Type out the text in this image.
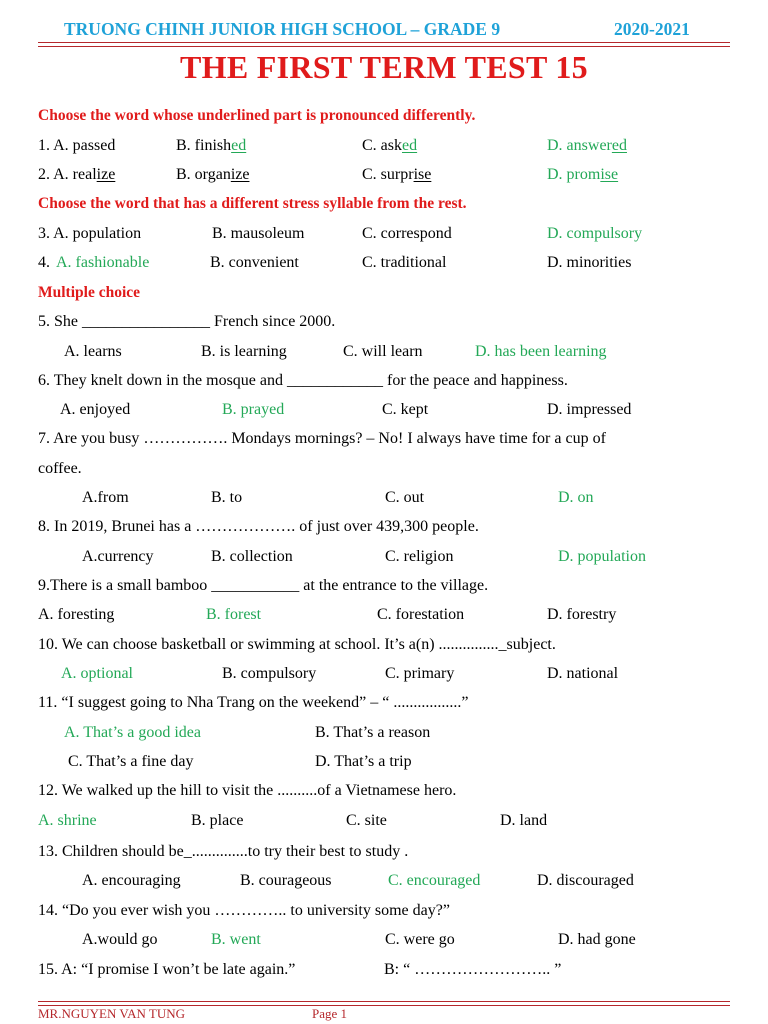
TRUONG CHINH JUNIOR HIGH SCHOOL – GRADE 9	2020-2021
THE FIRST TERM TEST 15
Choose the word whose underlined part is pronounced differently.
1. A. passed	B. finished	C. asked	D. answered
2. A. realize	B. organize	C. surprise	D. promise
Choose the word that has a different stress syllable from the rest.
3. A. population	B. mausoleum	C. correspond	D. compulsory
4. A. fashionable	B. convenient	C. traditional	D. minorities
Multiple choice
5. She ________________ French since 2000.
A. learns	B. is learning	C. will learn	D. has been learning
6. They knelt down in the mosque and ____________ for the peace and happiness.
A. enjoyed	B. prayed	C. kept	D. impressed
7. Are you busy ……………. Mondays mornings? – No! I always have time for a cup of
coffee.
A.from	B. to	C. out	D. on
8. In 2019, Brunei has a ………………. of just over 439,300 people.
A.currency	B. collection	C. religion	D. population
9.There is a small bamboo ___________ at the entrance to the village.
A. foresting	B. forest	C. forestation	D. forestry
10. We can choose basketball or swimming at school. It’s a(n) ..............._subject.
A. optional	B. compulsory	C. primary	D. national
11. “I suggest going to Nha Trang on the weekend” – “ .................”
A. That’s a good idea	B. That’s a reason
C. That’s a fine day	D. That’s a trip
12. We walked up the hill to visit the ..........of a Vietnamese hero.
A. shrine	B. place	C. site	D. land
13. Children should be_..............to try their best to study .
A. encouraging	B. courageous	C. encouraged	D. discouraged
14. “Do you ever wish you ………….. to university some day?”
A.would go	B. went	C. were go	D. had gone
15. A: “I promise I won’t be late again.”	B: “ …………………….. ”
MR.NGUYEN VAN TUNG	Page 1
